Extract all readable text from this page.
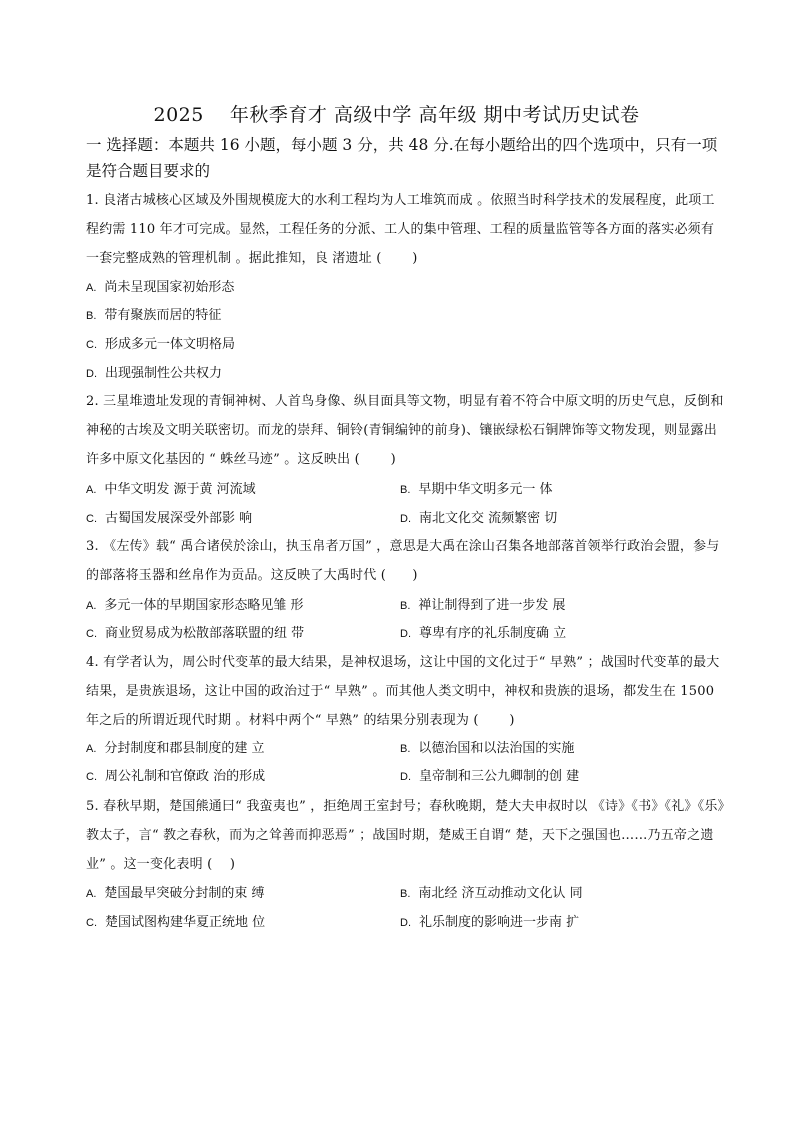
2025　 年秋季育才 高级中学 高年级 期中考试历史试卷
一 选择题：本题共 16 小题，每小题 3 分，共 48 分.在每小题给出的四个选项中，只有一项是符合题目要求的
1. 良渚古城核心区域及外围规模庞大的水利工程均为人工堆筑而成 。依照当时科学技术的发展程度，此项工程约需 110 年才可完成。显然，工程任务的分派、工人的集中管理、工程的质量监管等各方面的落实必须有一套完整成熟的管理机制 。据此推知，良 渚遗址 (　　 )
A. 尚未呈现国家初始形态
B. 带有聚族而居的特征
C. 形成多元一体文明格局
D. 出现强制性公共权力
2. 三星堆遗址发现的青铜神树、人首鸟身像、纵目面具等文物，明显有着不符合中原文明的历史气息，反倒和神秘的古埃及文明关联密切。而龙的崇拜、铜铃(青铜编钟的前身)、镶嵌绿松石铜牌饰等文物发现，则显露出许多中原文化基因的 “ 蛛丝马迹” 。这反映出 (　　 )
A. 中华文明发 源于黄 河流域	B. 早期中华文明多元一 体
C. 古蜀国发展深受外部影 响	D. 南北文化交 流频繁密 切
3. 《左传》载“ 禹合诸侯於涂山，执玉帛者万国” ，意思是大禹在涂山召集各地部落首领举行政治会盟，参与的部落将玉器和丝帛作为贡品。这反映了大禹时代 (　　)
A. 多元一体的早期国家形态略见雏 形	B. 禅让制得到了进一步发 展
C. 商业贸易成为松散部落联盟的纽 带	D. 尊卑有序的礼乐制度确 立
4. 有学者认为，周公时代变革的最大结果，是神权退场，这让中国的文化过于“ 早熟” ；战国时代变革的最大结果，是贵族退场，这让中国的政治过于“ 早熟” 。而其他人类文明中，神权和贵族的退场，都发生在 1500 年之后的所谓近现代时期 。材料中两个“ 早熟” 的结果分别表现为 (　　 )
A. 分封制度和郡县制度的建 立	B. 以德治国和以法治国的实施
C. 周公礼制和官僚政 治的形成	D. 皇帝制和三公九卿制的创 建
5. 春秋早期，楚国熊通曰“ 我蛮夷也” ，拒绝周王室封号；春秋晚期，楚大夫申叔时以 《诗》《书》《礼》《乐》教太子，言“ 教之春秋，而为之耸善而抑恶焉” ；战国时期，楚威王自谓“ 楚，天下之强国也……乃五帝之遗业” 。这一变化表明 (　 )
A. 楚国最早突破分封制的束 缚	B. 南北经 济互动推动文化认 同
C. 楚国试图构建华夏正统地 位	D. 礼乐制度的影响进一步南 扩
